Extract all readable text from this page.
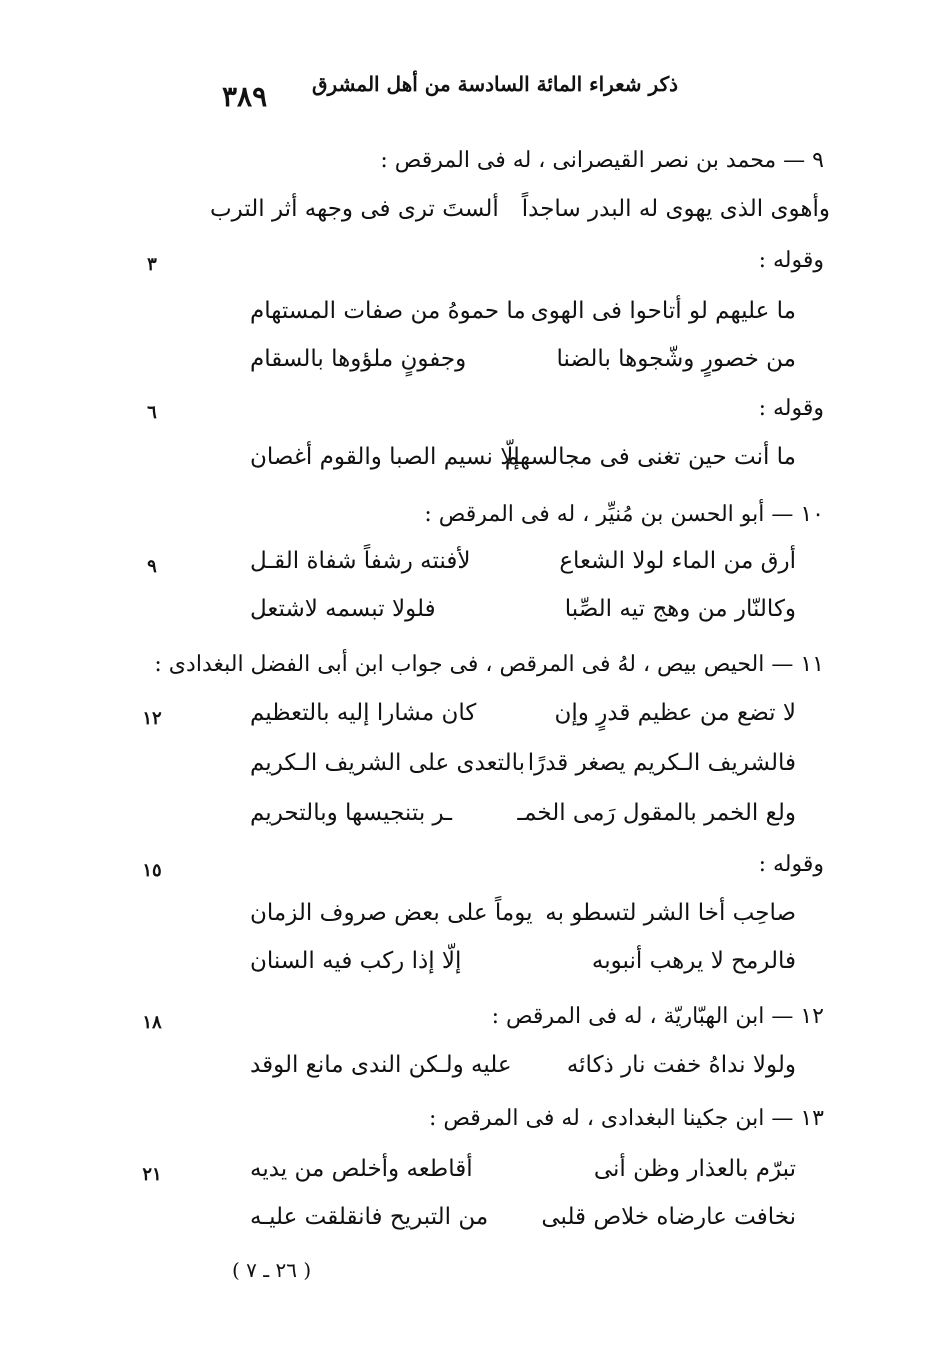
ذكر شعراء المائة السادسة من أهل المشرق
٣٨٩
٩ — محمد بن نصر القيصرانى ، له فى المرقص :
وأهوى الذى يهوى له البدر ساجداً
ألستَ ترى فى وجهه أثر الترب
وقوله :
٣
ما عليهم لو أتاحوا فى الهوى
ما حموهُ من صفات المستهام
من خصورٍ وشّجوها بالضنا
وجفونٍ ملؤوها بالسقام
وقوله :
٦
ما أنت حين تغنى فى مجالسهم
إلّا نسيم الصبا والقوم أغصان
١٠ — أبو الحسن بن مُنيِّر ، له فى المرقص :
أرق من الماء لولا الشعاع
لأفنته رشفاً شفاة القـل
٩
وكالنّار من وهج تيه الصِّبا
فلولا تبسمه لاشتعل
١١ — الحيص بيص ، لهُ فى المرقص ، فى جواب ابن أبى الفضل البغدادى :
لا تضع من عظيم قدرٍ وإن
كان مشارا إليه بالتعظيم
١٢
فالشريف الـكريم يصغر قدرًا
بالتعدى على الشريف الـكريم
ولع الخمر بالمقول رَمى الخمـ
ـر بتنجيسها وبالتحريم
وقوله :
١٥
صاحِب أخا الشر لتسطو به
يوماً على بعض صروف الزمان
فالرمح لا يرهب أنبوبه
إلّا إذا ركب فيه السنان
١٢ — ابن الهبّاريّة ، له فى المرقص :
١٨
ولولا نداهُ خفت نار ذكائه
عليه ولـكن الندى مانع الوقد
١٣ — ابن جكينا البغدادى ، له فى المرقص :
تبرّم بالعذار وظن أنى
أقاطعه وأخلص من يديه
٢١
نخافت عارضاه خلاص قلبى
من التبريح فانقلقت عليـه
( ٢٦ ـ ٧ )
